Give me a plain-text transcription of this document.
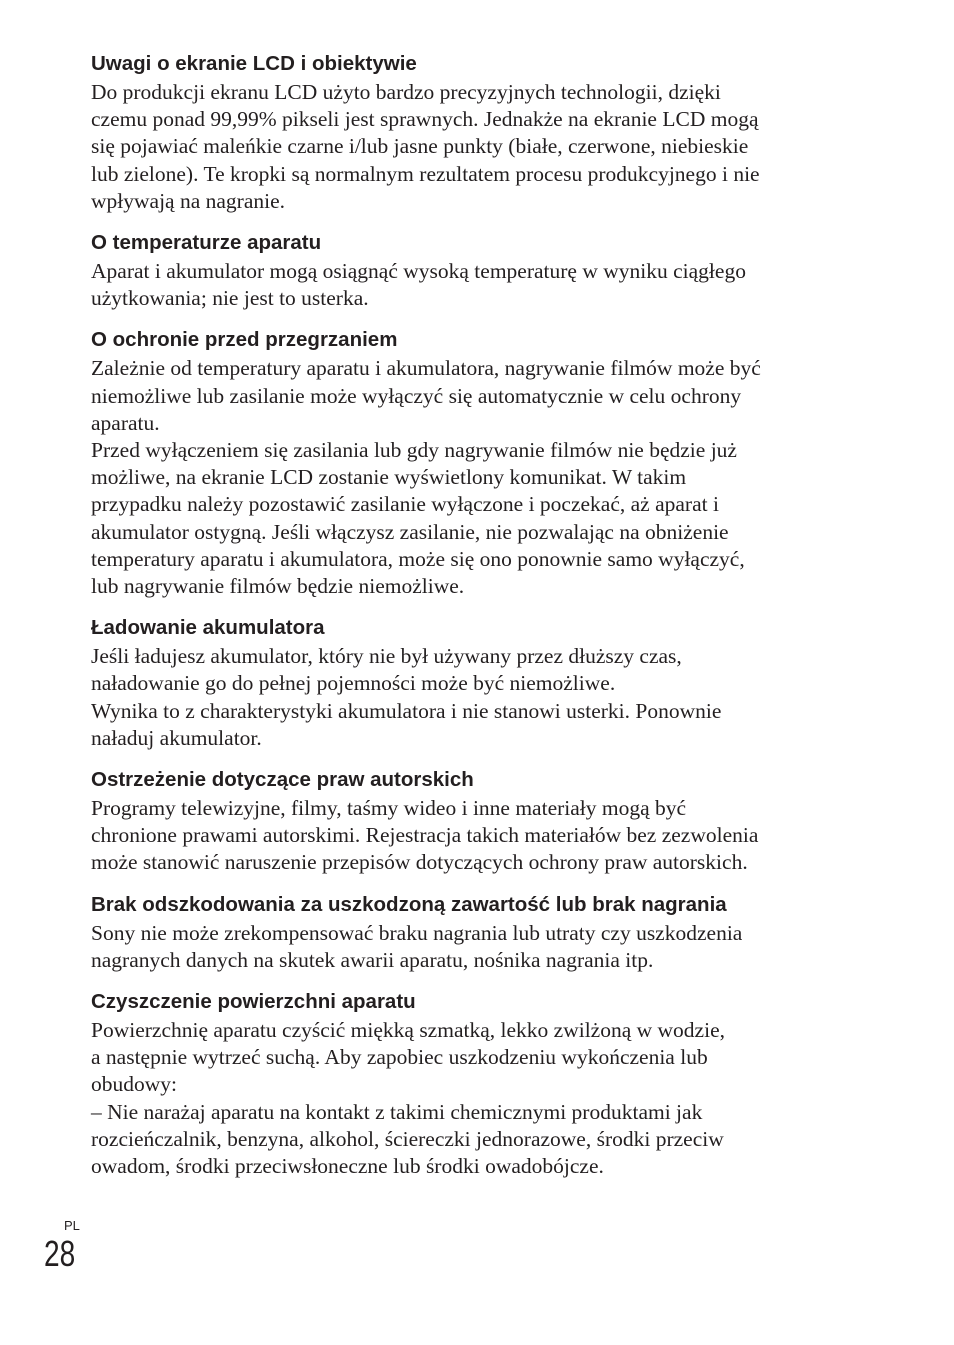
Uwagi o ekranie LCD i obiektywie
Do produkcji ekranu LCD użyto bardzo precyzyjnych technologii, dzięki
czemu ponad 99,99% pikseli jest sprawnych. Jednakże na ekranie LCD mogą
się pojawiać maleńkie czarne i/lub jasne punkty (białe, czerwone, niebieskie
lub zielone). Te kropki są normalnym rezultatem procesu produkcyjnego i nie
wpływają na nagranie.
O temperaturze aparatu
Aparat i akumulator mogą osiągnąć wysoką temperaturę w wyniku ciągłego
użytkowania; nie jest to usterka.
O ochronie przed przegrzaniem
Zależnie od temperatury aparatu i akumulatora, nagrywanie filmów może być
niemożliwe lub zasilanie może wyłączyć się automatycznie w celu ochrony
aparatu.
Przed wyłączeniem się zasilania lub gdy nagrywanie filmów nie będzie już
możliwe, na ekranie LCD zostanie wyświetlony komunikat. W takim
przypadku należy pozostawić zasilanie wyłączone i poczekać, aż aparat i
akumulator ostygną. Jeśli włączysz zasilanie, nie pozwalając na obniżenie
temperatury aparatu i akumulatora, może się ono ponownie samo wyłączyć,
lub nagrywanie filmów będzie niemożliwe.
Ładowanie akumulatora
Jeśli ładujesz akumulator, który nie był używany przez dłuższy czas,
naładowanie go do pełnej pojemności może być niemożliwe.
Wynika to z charakterystyki akumulatora i nie stanowi usterki. Ponownie
naładuj akumulator.
Ostrzeżenie dotyczące praw autorskich
Programy telewizyjne, filmy, taśmy wideo i inne materiały mogą być
chronione prawami autorskimi. Rejestracja takich materiałów bez zezwolenia
może stanowić naruszenie przepisów dotyczących ochrony praw autorskich.
Brak odszkodowania za uszkodzoną zawartość lub brak nagrania
Sony nie może zrekompensować braku nagrania lub utraty czy uszkodzenia
nagranych danych na skutek awarii aparatu, nośnika nagrania itp.
Czyszczenie powierzchni aparatu
Powierzchnię aparatu czyścić miękką szmatką, lekko zwilżoną w wodzie,
a następnie wytrzeć suchą. Aby zapobiec uszkodzeniu wykończenia lub
obudowy:
– Nie narażaj aparatu na kontakt z takimi chemicznymi produktami jak
rozcieńczalnik, benzyna, alkohol, ściereczki jednorazowe, środki przeciw
owadom, środki przeciwsłoneczne lub środki owadobójcze.
PL
28
